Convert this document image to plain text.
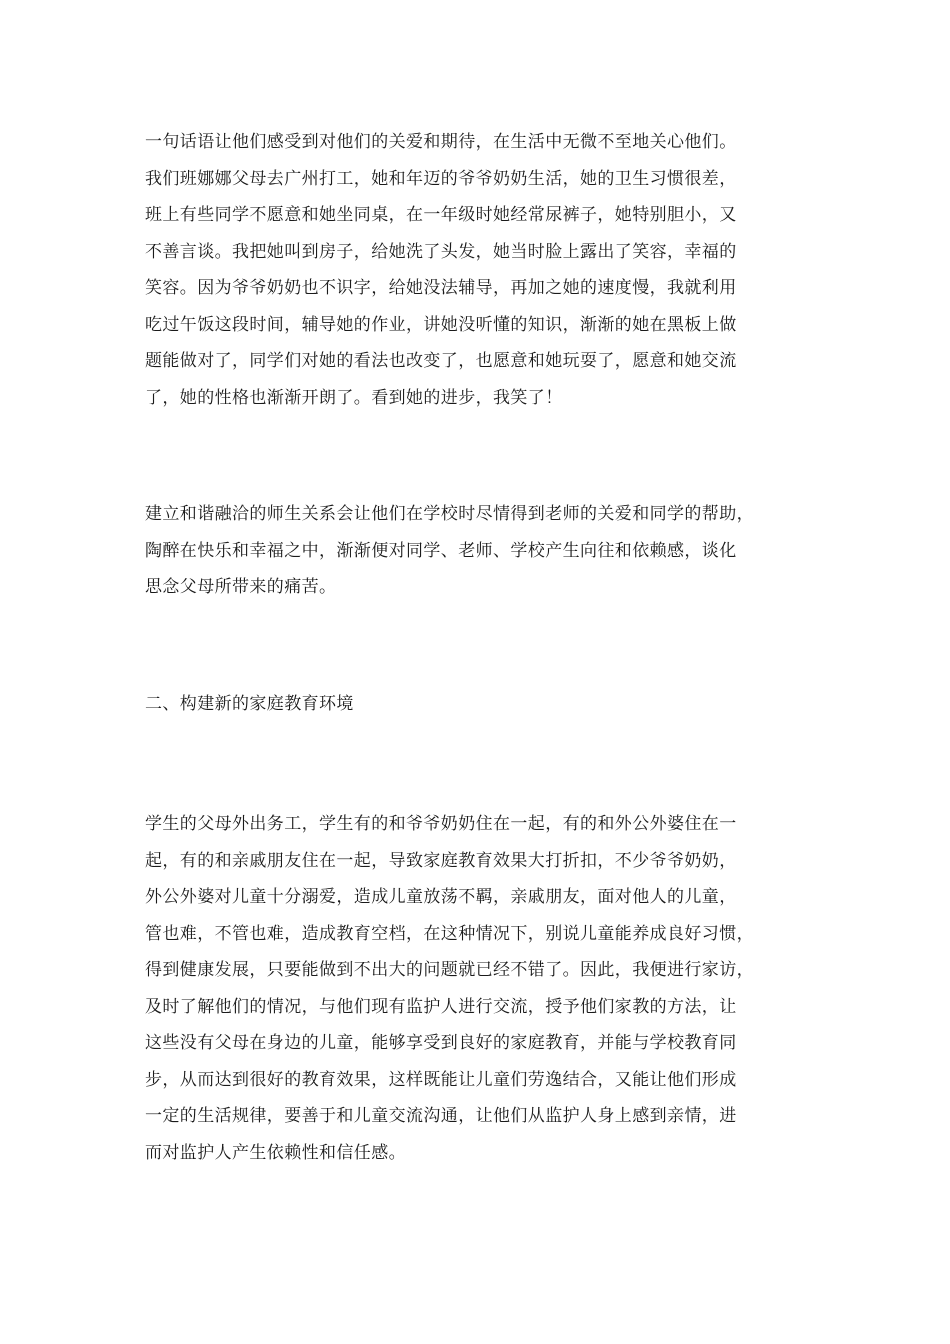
一句话语让他们感受到对他们的关爱和期待，在生活中无微不至地关心他们。
我们班娜娜父母去广州打工，她和年迈的爷爷奶奶生活，她的卫生习惯很差，
班上有些同学不愿意和她坐同桌，在一年级时她经常尿裤子，她特别胆小，又
不善言谈。我把她叫到房子，给她洗了头发，她当时脸上露出了笑容，幸福的
笑容。因为爷爷奶奶也不识字，给她没法辅导，再加之她的速度慢，我就利用
吃过午饭这段时间，辅导她的作业，讲她没听懂的知识，渐渐的她在黑板上做
题能做对了，同学们对她的看法也改变了，也愿意和她玩耍了，愿意和她交流
了，她的性格也渐渐开朗了。看到她的进步，我笑了！
建立和谐融洽的师生关系会让他们在学校时尽情得到老师的关爱和同学的帮助，
陶醉在快乐和幸福之中，渐渐便对同学、老师、学校产生向往和依赖感，谈化
思念父母所带来的痛苦。
二、构建新的家庭教育环境
学生的父母外出务工，学生有的和爷爷奶奶住在一起，有的和外公外婆住在一
起，有的和亲戚朋友住在一起，导致家庭教育效果大打折扣，不少爷爷奶奶，
外公外婆对儿童十分溺爱，造成儿童放荡不羁，亲戚朋友，面对他人的儿童，
管也难，不管也难，造成教育空档，在这种情况下，别说儿童能养成良好习惯，
得到健康发展，只要能做到不出大的问题就已经不错了。因此，我便进行家访，
及时了解他们的情况，与他们现有监护人进行交流，授予他们家教的方法，让
这些没有父母在身边的儿童，能够享受到良好的家庭教育，并能与学校教育同
步，从而达到很好的教育效果，这样既能让儿童们劳逸结合，又能让他们形成
一定的生活规律，要善于和儿童交流沟通，让他们从监护人身上感到亲情，进
而对监护人产生依赖性和信任感。
